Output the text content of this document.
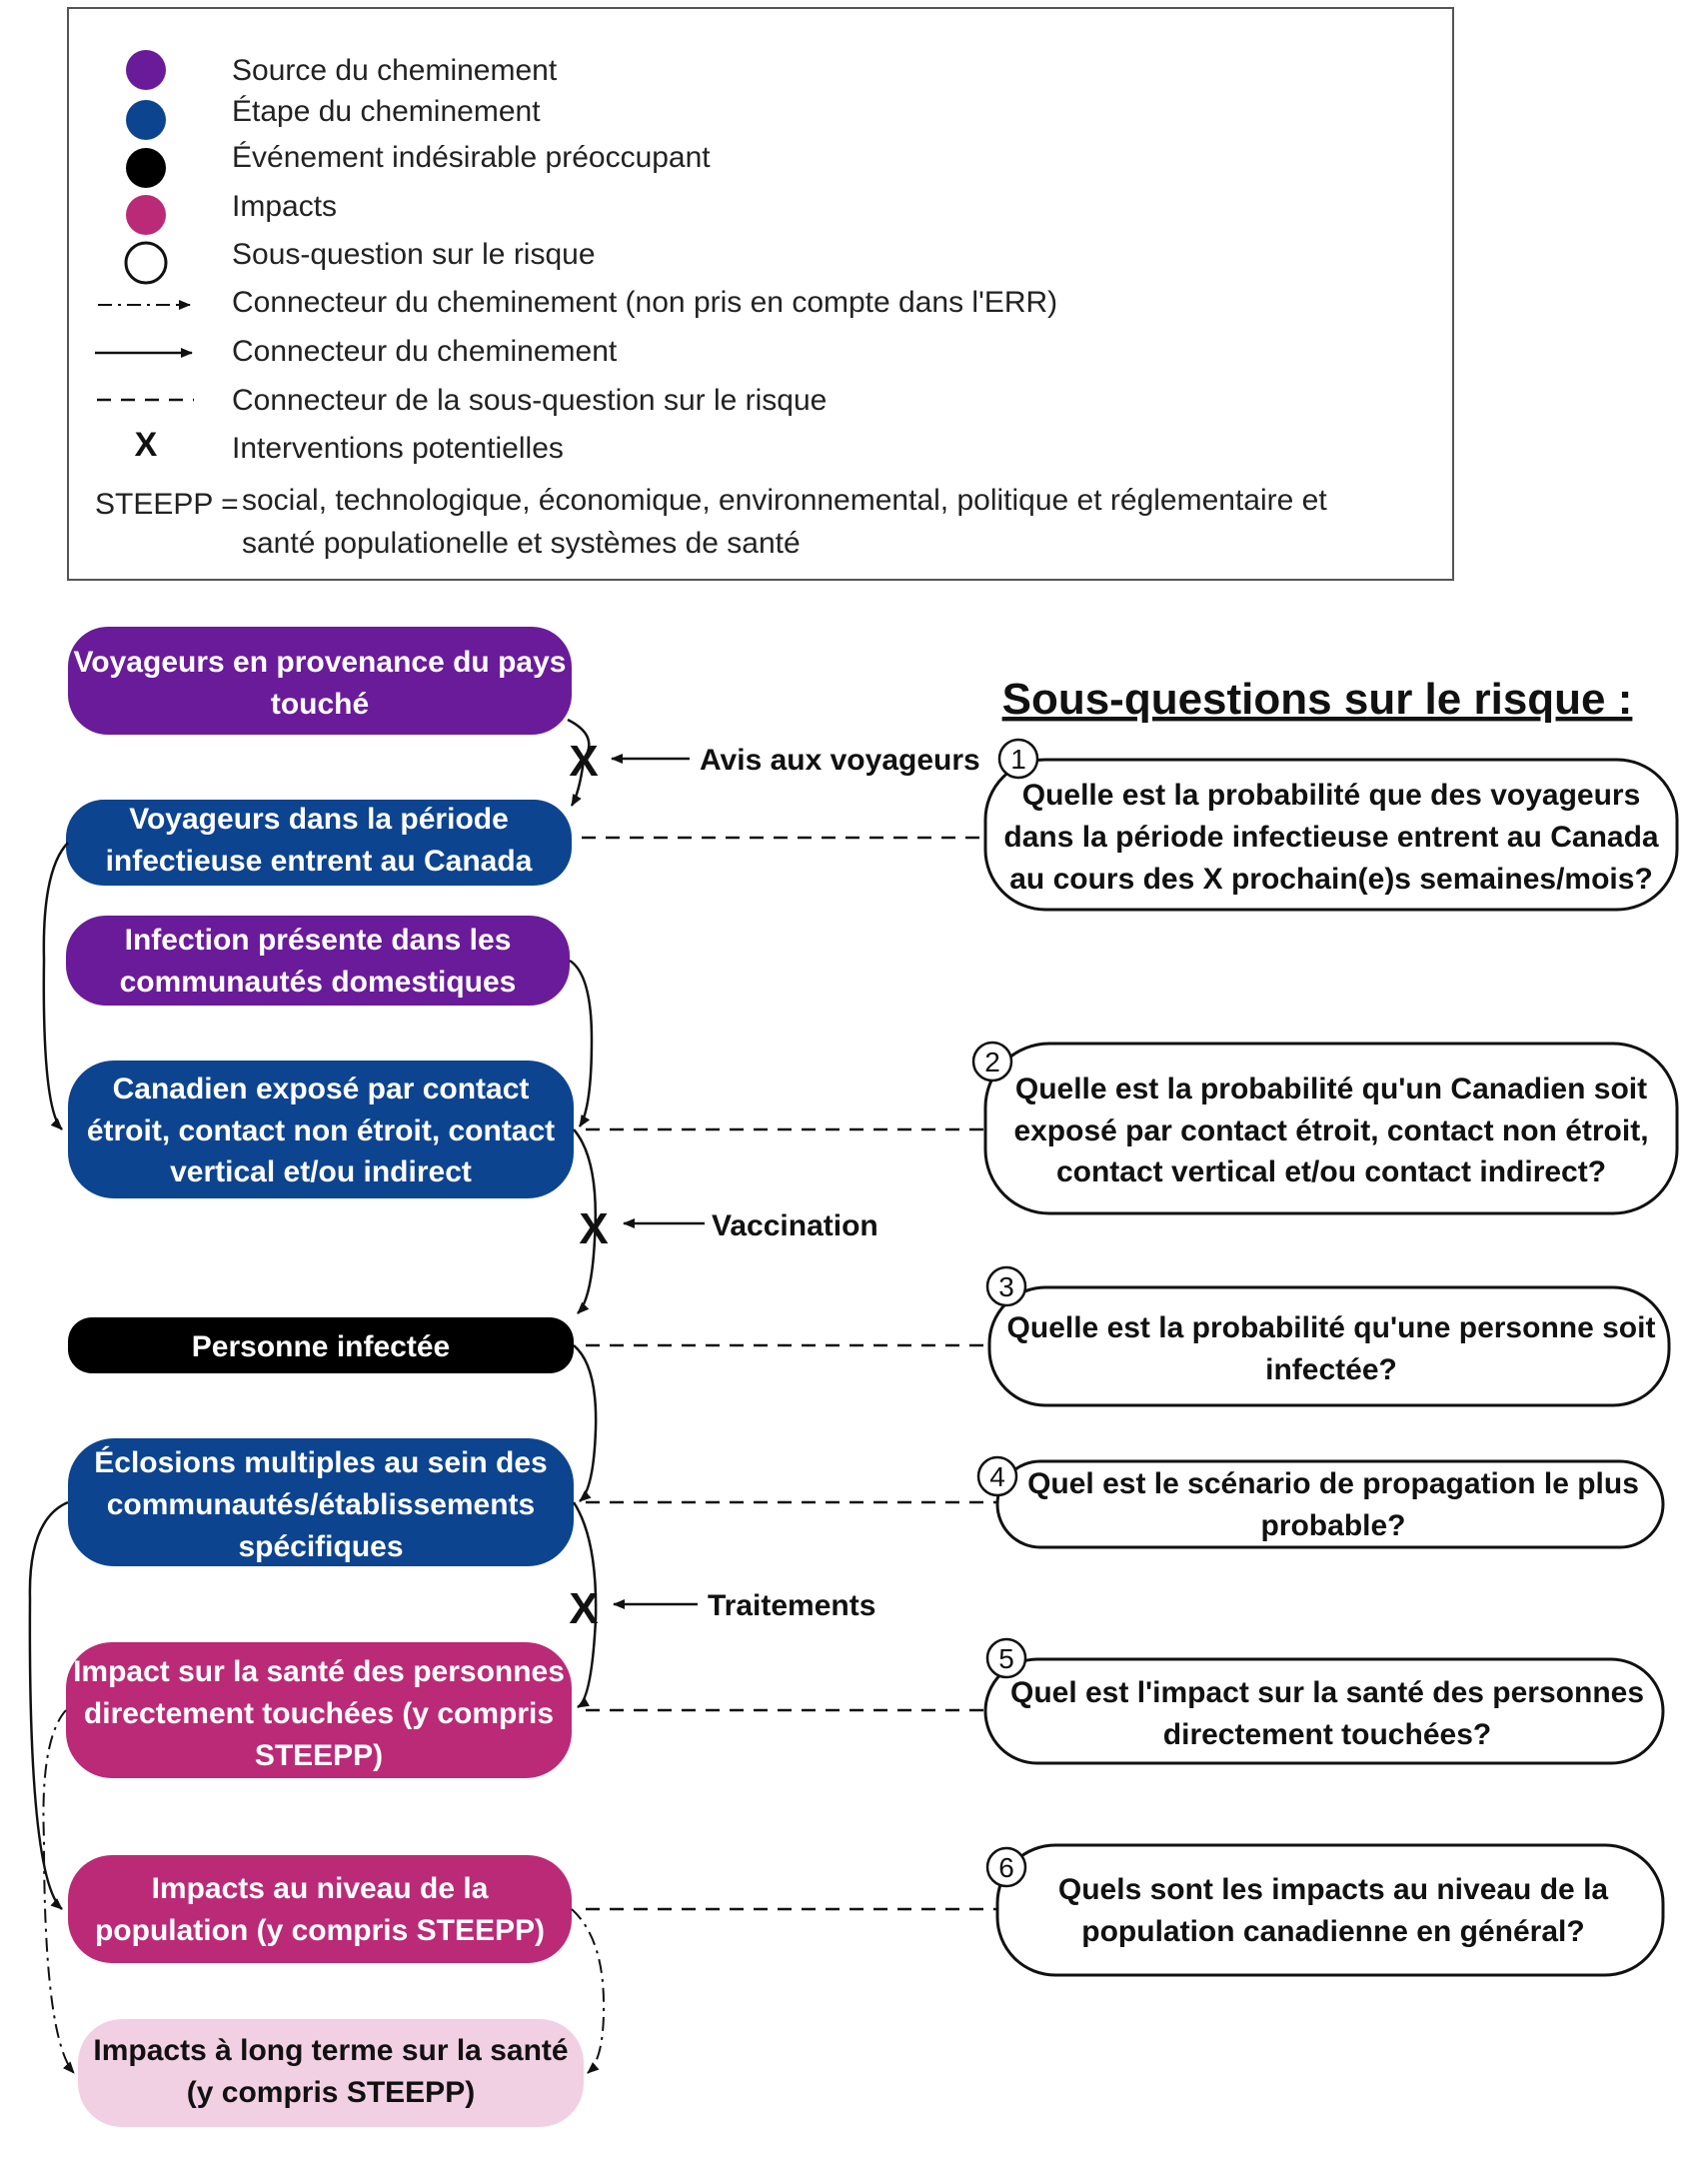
X
Source du cheminement
Étape du cheminement
Événement indésirable préoccupant
Impacts
Sous-question sur le risque
Connecteur du cheminement (non pris en compte dans l'ERR)
Connecteur du cheminement
Connecteur de la sous-question sur le risque
Interventions potentielles
STEEPP = social, technologique, économique, environnemental, politique et réglementaire et
santé populationelle et systèmes de santé
Sous-questions sur le risque :
Voyageurs en provenance du pays
touché
Voyageurs dans la période
infectieuse entrent au Canada
Infection présente dans les
communautés domestiques
Canadien exposé par contact
étroit, contact non étroit, contact
vertical et/ou indirect
Personne infectée
Éclosions multiples au sein des
communautés/établissements
spécifiques
Impact sur la santé des personnes
directement touchées (y compris
STEEPP)
Impacts au niveau de la
population (y compris STEEPP)
Impacts à long terme sur la santé
(y compris STEEPP)
X	Avis aux voyageurs
X	Vaccination
X	Traitements
1
Quelle est la probabilité que des voyageurs
dans la période infectieuse entrent au Canada
au cours des X prochain(e)s semaines/mois?
2
Quelle est la probabilité qu'un Canadien soit
exposé par contact étroit, contact non étroit,
contact vertical et/ou contact indirect?
3
Quelle est la probabilité qu'une personne soit
infectée?
4 Quel est le scénario de propagation le plus
probable?
5
Quel est l'impact sur la santé des personnes
directement touchées?
6
Quels sont les impacts au niveau de la
population canadienne en général?
